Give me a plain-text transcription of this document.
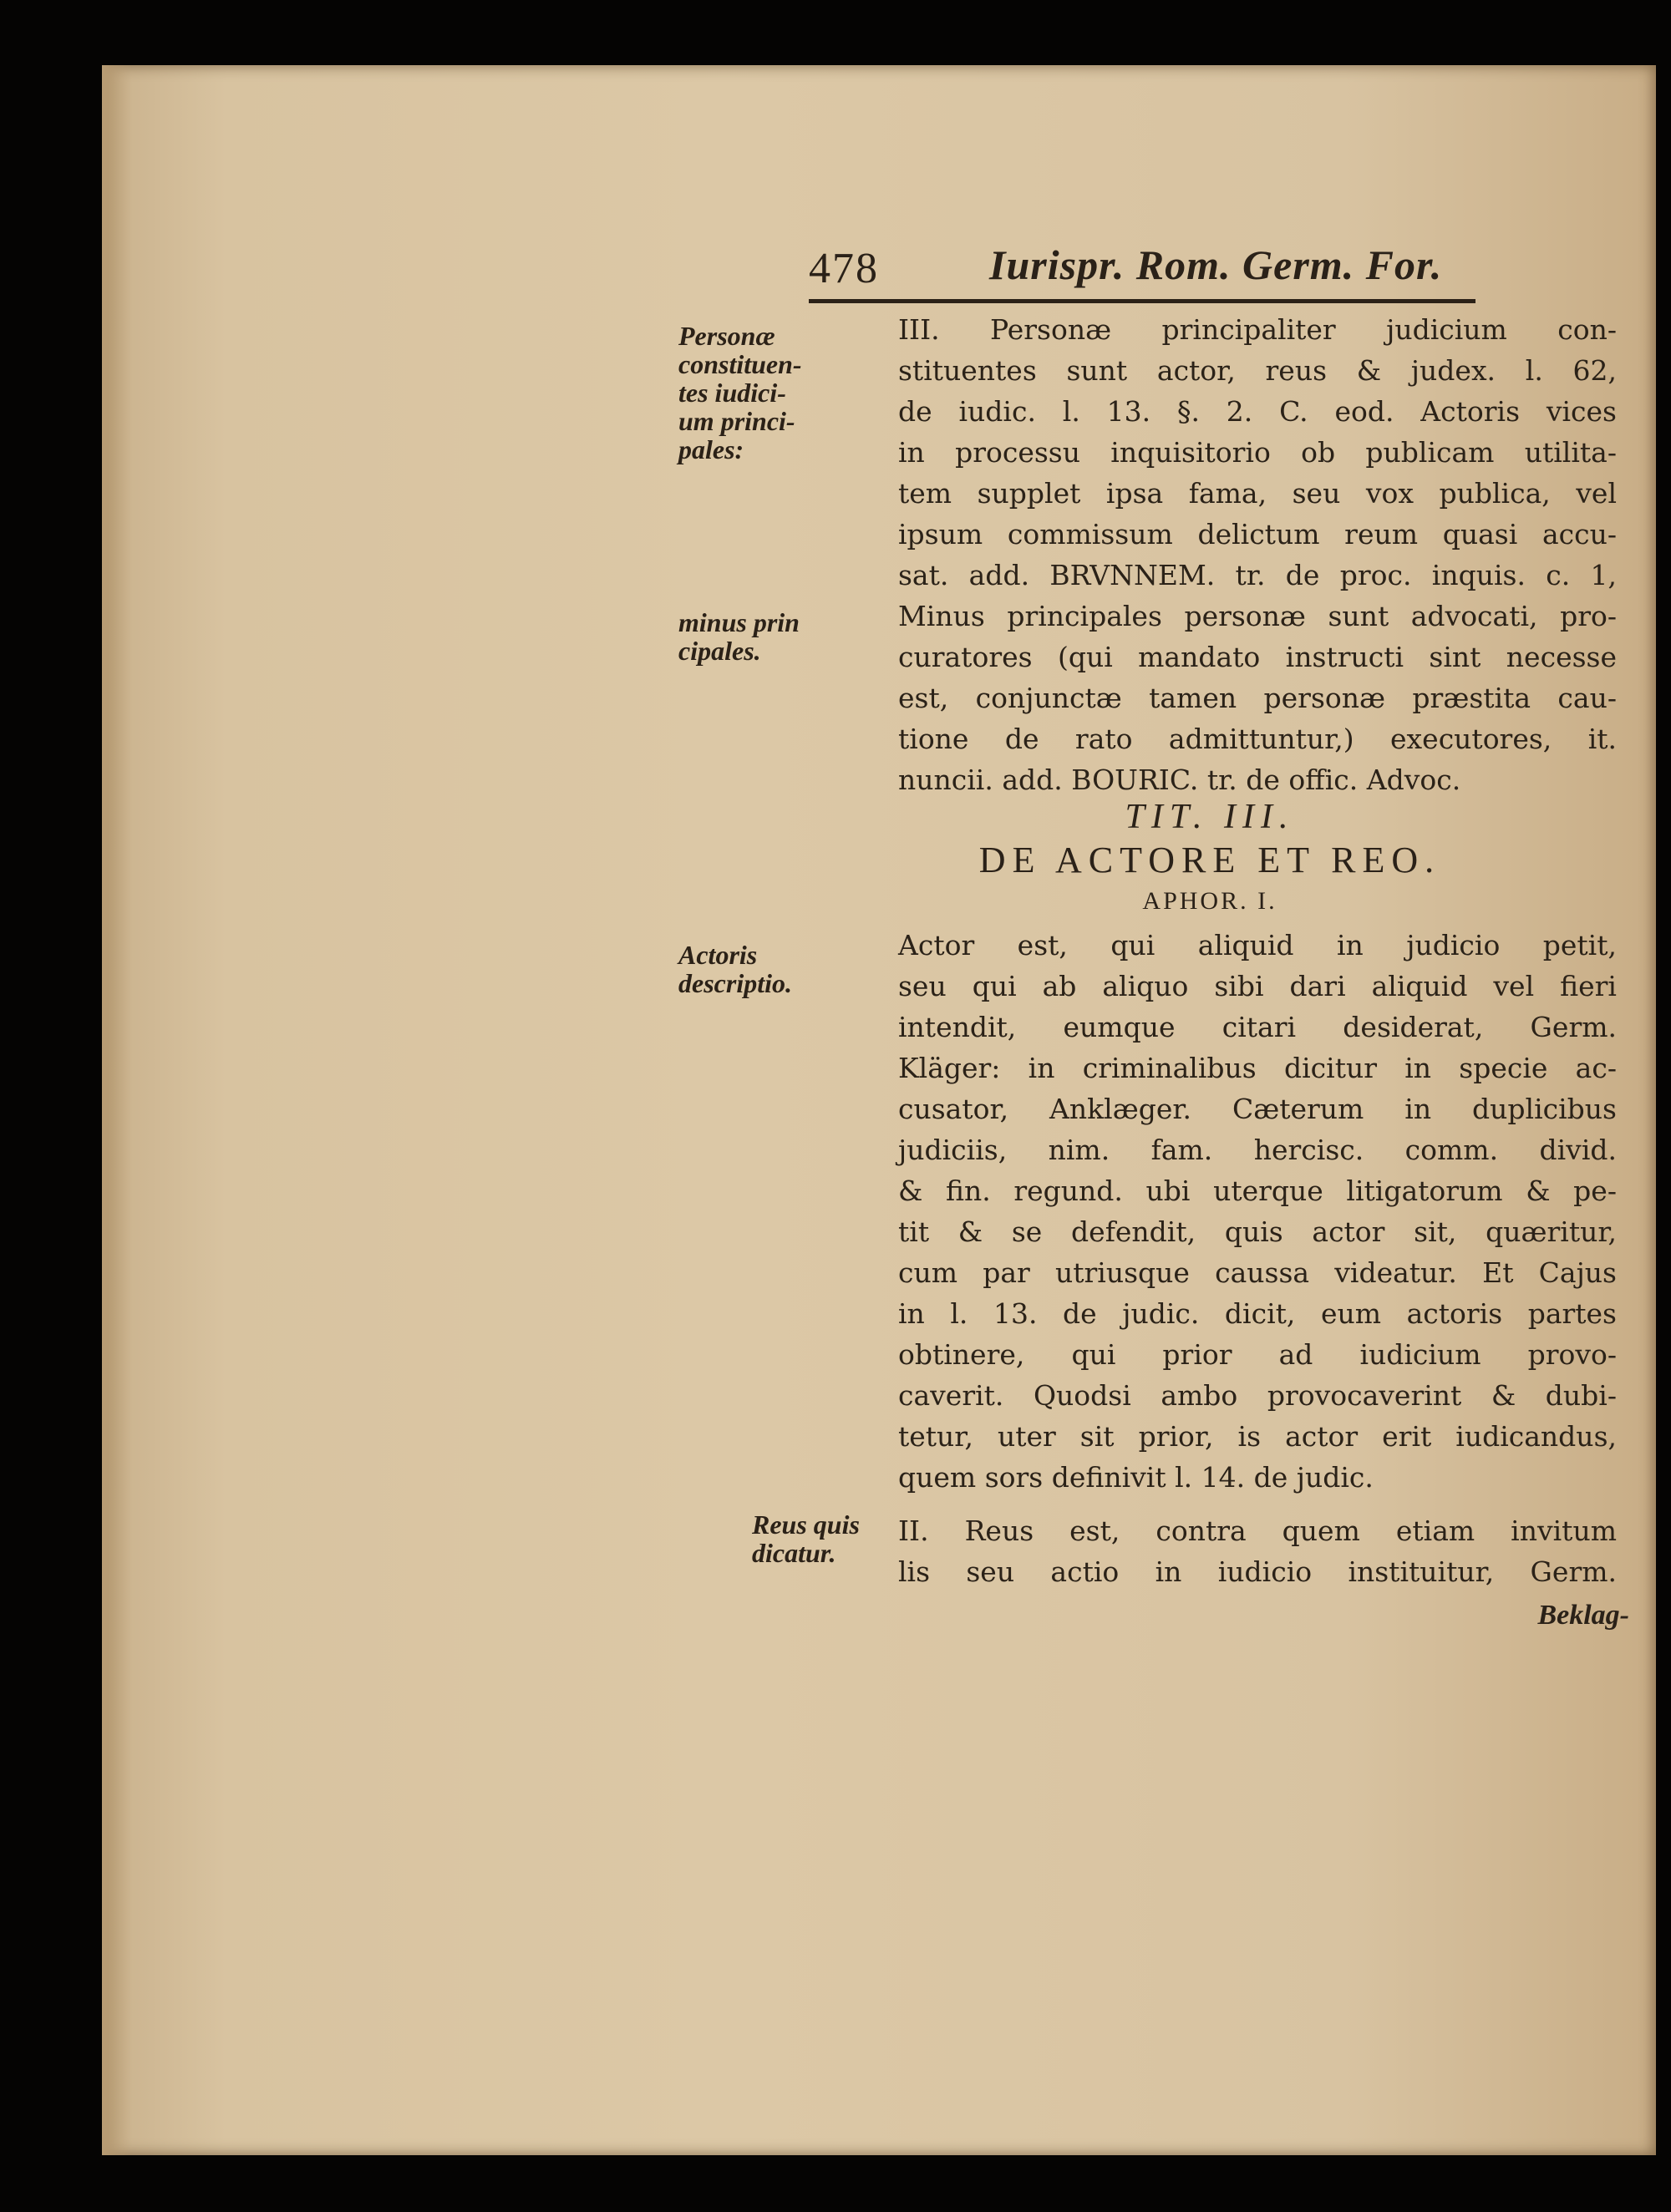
478	Iurispr. Rom. Germ. For.
Personæ
constituen-
tes iudici-
um princi-
pales:
minus prin
cipales.
Actoris
descriptio.
Reus quis
dicatur.
III. Personæ principaliter judicium con-
stituentes sunt actor, reus & judex. l. 62,
de iudic. l. 13. §. 2. C. eod. Actoris vices
in processu inquisitorio ob publicam utilita-
tem supplet ipsa fama, seu vox publica, vel
ipsum commissum delictum reum quasi accu-
sat. add. BRVNNEM. tr. de proc. inquis. c. 1,
Minus principales personæ sunt advocati, pro-
curatores (qui mandato instructi sint necesse
est, conjunctæ tamen personæ præstita cau-
tione de rato admittuntur,) executores, it.
nuncii. add. BOURIC. tr. de offic. Advoc.
TIT. III.
DE ACTORE ET REO.
APHOR. I.
Actor est, qui aliquid in judicio petit,
seu qui ab aliquo sibi dari aliquid vel fieri
intendit, eumque citari desiderat, Germ.
Kläger: in criminalibus dicitur in specie ac-
cusator, Anklæger. Cæterum in duplicibus
judiciis, nim. fam. hercisc. comm. divid.
& fin. regund. ubi uterque litigatorum & pe-
tit & se defendit, quis actor sit, quæritur,
cum par utriusque caussa videatur. Et Cajus
in l. 13. de judic. dicit, eum actoris partes
obtinere, qui prior ad iudicium provo-
caverit. Quodsi ambo provocaverint & dubi-
tetur, uter sit prior, is actor erit iudicandus,
quem sors definivit l. 14. de judic.
II. Reus est, contra quem etiam invitum
lis seu actio in iudicio instituitur, Germ.
Beklag-
